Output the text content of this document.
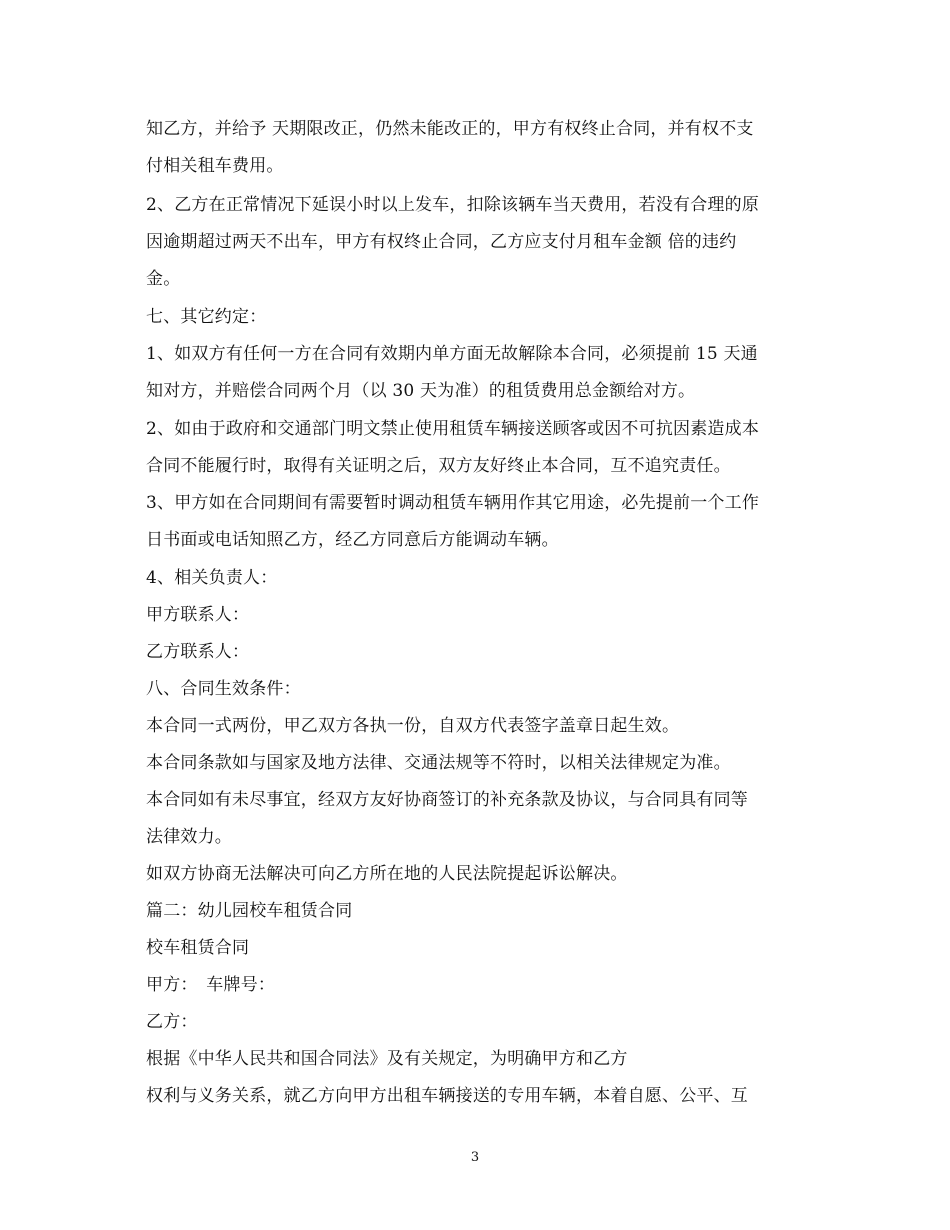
知乙方，并给予 天期限改正，仍然未能改正的，甲方有权终止合同，并有权不支
付相关租车费用。
2、乙方在正常情况下延误小时以上发车，扣除该辆车当天费用，若没有合理的原
因逾期超过两天不出车，甲方有权终止合同，乙方应支付月租车金额 倍的违约
金。
七、其它约定：
1、如双方有任何一方在合同有效期内单方面无故解除本合同，必须提前 15 天通
知对方，并赔偿合同两个月（以 30 天为准）的租赁费用总金额给对方。
2、如由于政府和交通部门明文禁止使用租赁车辆接送顾客或因不可抗因素造成本
合同不能履行时，取得有关证明之后，双方友好终止本合同，互不追究责任。
3、甲方如在合同期间有需要暂时调动租赁车辆用作其它用途，必先提前一个工作
日书面或电话知照乙方，经乙方同意后方能调动车辆。
4、相关负责人：
甲方联系人：
乙方联系人：
八、合同生效条件：
本合同一式两份，甲乙双方各执一份，自双方代表签字盖章日起生效。
本合同条款如与国家及地方法律、交通法规等不符时，以相关法律规定为准。
本合同如有未尽事宜，经双方友好协商签订的补充条款及协议，与合同具有同等
法律效力。
如双方协商无法解决可向乙方所在地的人民法院提起诉讼解决。
篇二：幼儿园校车租赁合同
校车租赁合同
甲方：　车牌号：
乙方：
根据《中华人民共和国合同法》及有关规定，为明确甲方和乙方
权利与义务关系，就乙方向甲方出租车辆接送的专用车辆，本着自愿、公平、互
3
